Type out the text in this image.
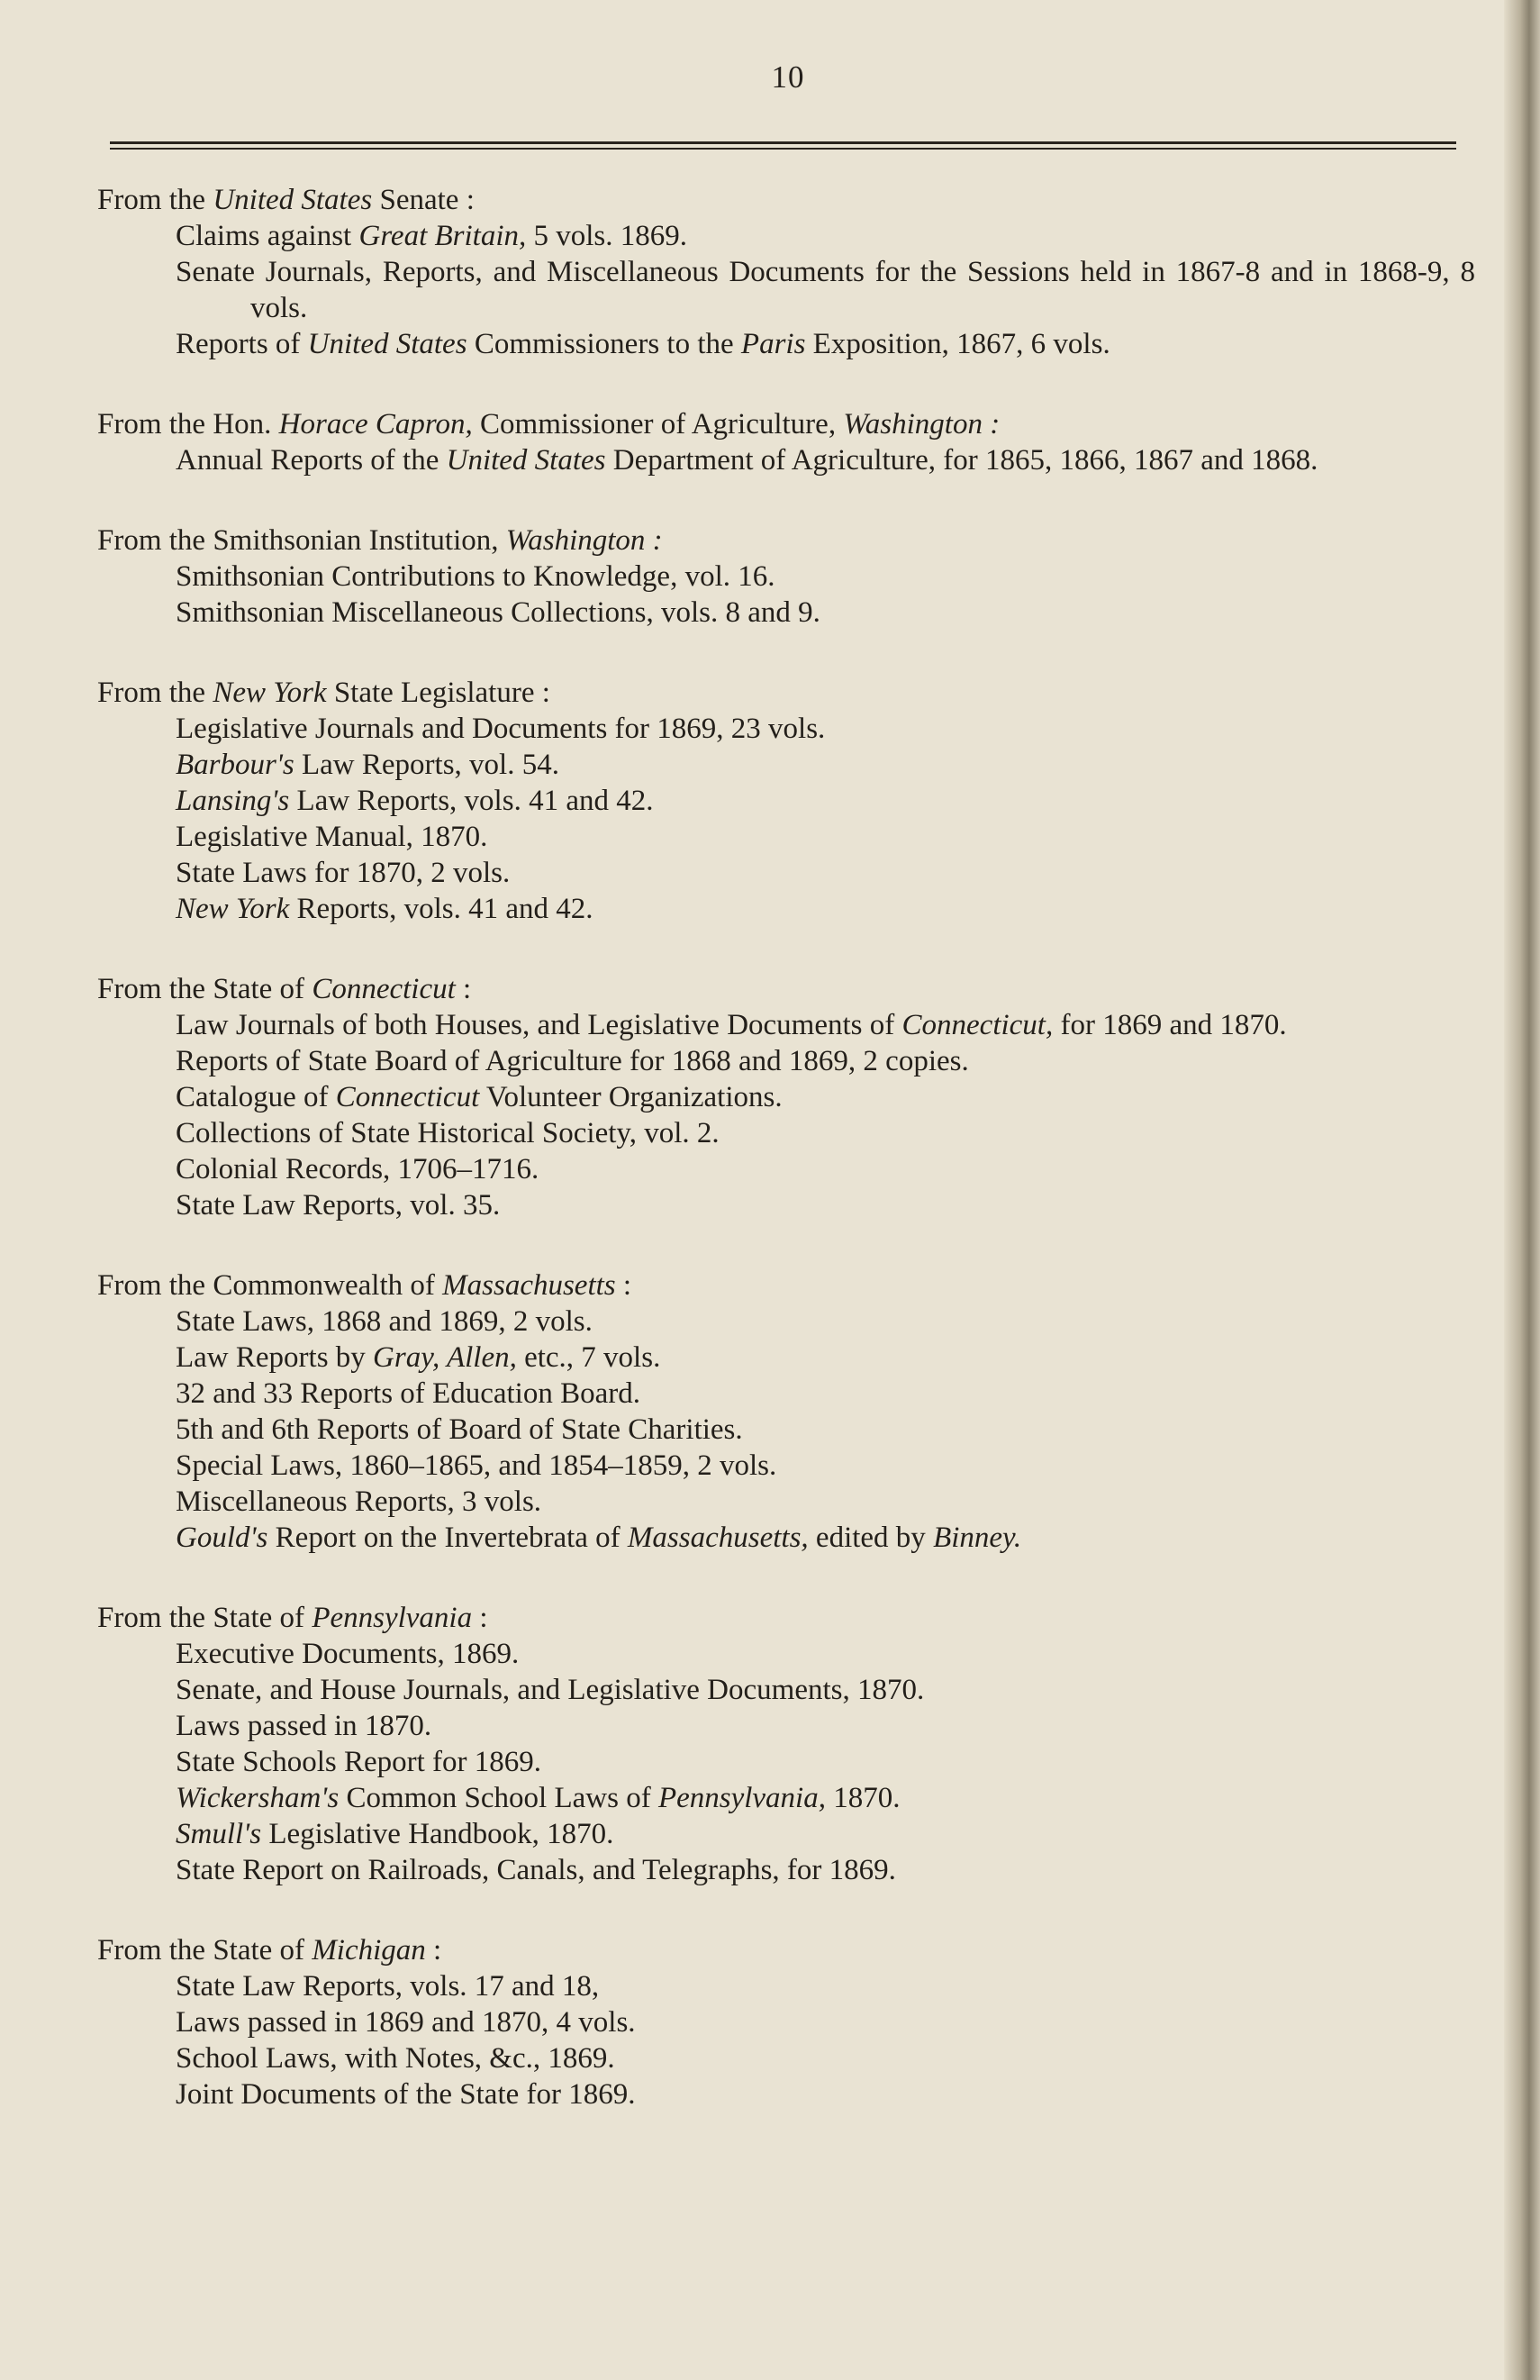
10
From the United States Senate :
Claims against Great Britain, 5 vols. 1869.
Senate Journals, Reports, and Miscellaneous Documents for the Sessions held in 1867-8 and in 1868-9, 8 vols.
Reports of United States Commissioners to the Paris Exposition, 1867, 6 vols.
From the Hon. Horace Capron, Commissioner of Agriculture, Washington :
Annual Reports of the United States Department of Agriculture, for 1865, 1866, 1867 and 1868.
From the Smithsonian Institution, Washington :
Smithsonian Contributions to Knowledge, vol. 16.
Smithsonian Miscellaneous Collections, vols. 8 and 9.
From the New York State Legislature :
Legislative Journals and Documents for 1869, 23 vols.
Barbour's Law Reports, vol. 54.
Lansing's Law Reports, vols. 41 and 42.
Legislative Manual, 1870.
State Laws for 1870, 2 vols.
New York Reports, vols. 41 and 42.
From the State of Connecticut :
Law Journals of both Houses, and Legislative Documents of Connecticut, for 1869 and 1870.
Reports of State Board of Agriculture for 1868 and 1869, 2 copies.
Catalogue of Connecticut Volunteer Organizations.
Collections of State Historical Society, vol. 2.
Colonial Records, 1706–1716.
State Law Reports, vol. 35.
From the Commonwealth of Massachusetts :
State Laws, 1868 and 1869, 2 vols.
Law Reports by Gray, Allen, etc., 7 vols.
32 and 33 Reports of Education Board.
5th and 6th Reports of Board of State Charities.
Special Laws, 1860–1865, and 1854–1859, 2 vols.
Miscellaneous Reports, 3 vols.
Gould's Report on the Invertebrata of Massachusetts, edited by Binney.
From the State of Pennsylvania :
Executive Documents, 1869.
Senate, and House Journals, and Legislative Documents, 1870.
Laws passed in 1870.
State Schools Report for 1869.
Wickersham's Common School Laws of Pennsylvania, 1870.
Smull's Legislative Handbook, 1870.
State Report on Railroads, Canals, and Telegraphs, for 1869.
From the State of Michigan :
State Law Reports, vols. 17 and 18,
Laws passed in 1869 and 1870, 4 vols.
School Laws, with Notes, &c., 1869.
Joint Documents of the State for 1869.
